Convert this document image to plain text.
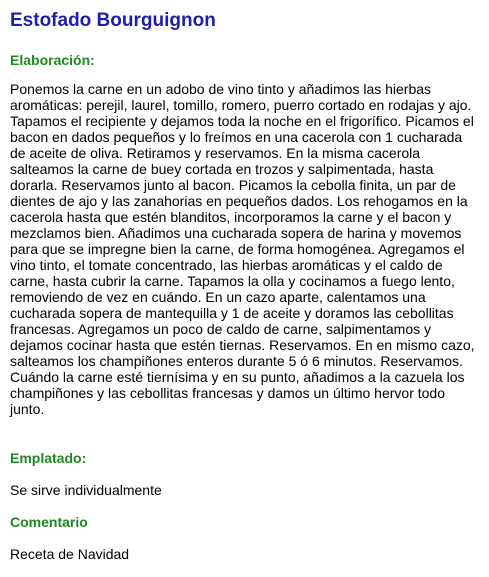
Estofado Bourguignon
Elaboración:

Ponemos la carne en un adobo de vino tinto y añadimos las hierbas aromáticas: perejil, laurel, tomillo, romero, puerro cortado en rodajas y ajo. Tapamos el recipiente y dejamos toda la noche en el frigorífico. Picamos el bacon en dados pequeños y lo freímos en una cacerola con 1 cucharada de aceite de oliva. Retiramos y reservamos. En la misma cacerola salteamos la carne de buey cortada en trozos y salpimentada, hasta dorarla. Reservamos junto al bacon. Picamos la cebolla finita, un par de dientes de ajo y las zanahorias en pequeños dados. Los rehogamos en la cacerola hasta que estén blanditos, incorporamos la carne y el bacon y mezclamos bien. Añadimos una cucharada sopera de harina y movemos para que se impregne bien la carne, de forma homogénea. Agregamos el vino tinto, el tomate concentrado, las hierbas aromáticas y el caldo de carne, hasta cubrir la carne. Tapamos la olla y cocinamos a fuego lento, removiendo de vez en cuándo. En un cazo aparte, calentamos una cucharada sopera de mantequilla y 1 de aceite y doramos las cebollitas francesas. Agregamos un poco de caldo de carne, salpimentamos y dejamos cocinar hasta que estén tiernas. Reservamos. En en mismo cazo, salteamos los champiñones enteros durante 5 ó 6 minutos. Reservamos. Cuándo la carne esté tiernísima y en su punto, añadimos a la cazuela los champiñones y las cebollitas francesas y damos un último hervor todo junto.

Emplatado:

Se sirve individualmente

Comentario

Receta de Navidad
